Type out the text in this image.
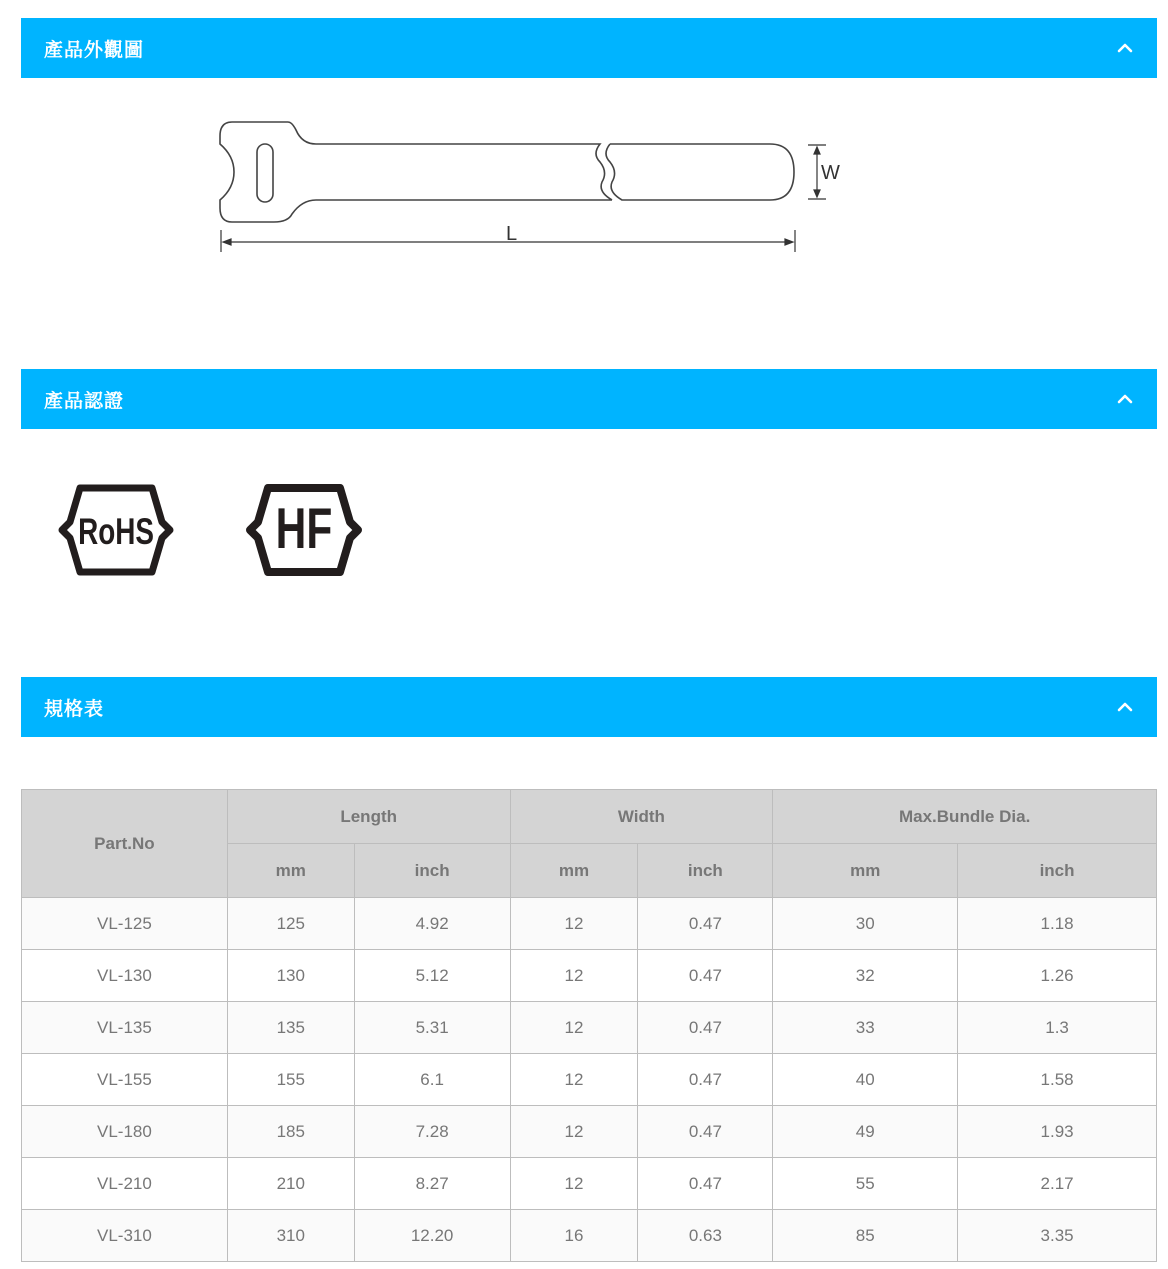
產品外觀圖
W
L
產品認證
RoHS HF
規格表
Part.No	Length		Width		Max.Bundle Dia.	
	mm	inch	mm	inch	mm	inch
VL-125	125	4.92	12	0.47	30	1.18
VL-130	130	5.12	12	0.47	32	1.26
VL-135	135	5.31	12	0.47	33	1.3
VL-155	155	6.1	12	0.47	40	1.58
VL-180	185	7.28	12	0.47	49	1.93
VL-210	210	8.27	12	0.47	55	2.17
VL-310	310	12.20	16	0.63	85	3.35
